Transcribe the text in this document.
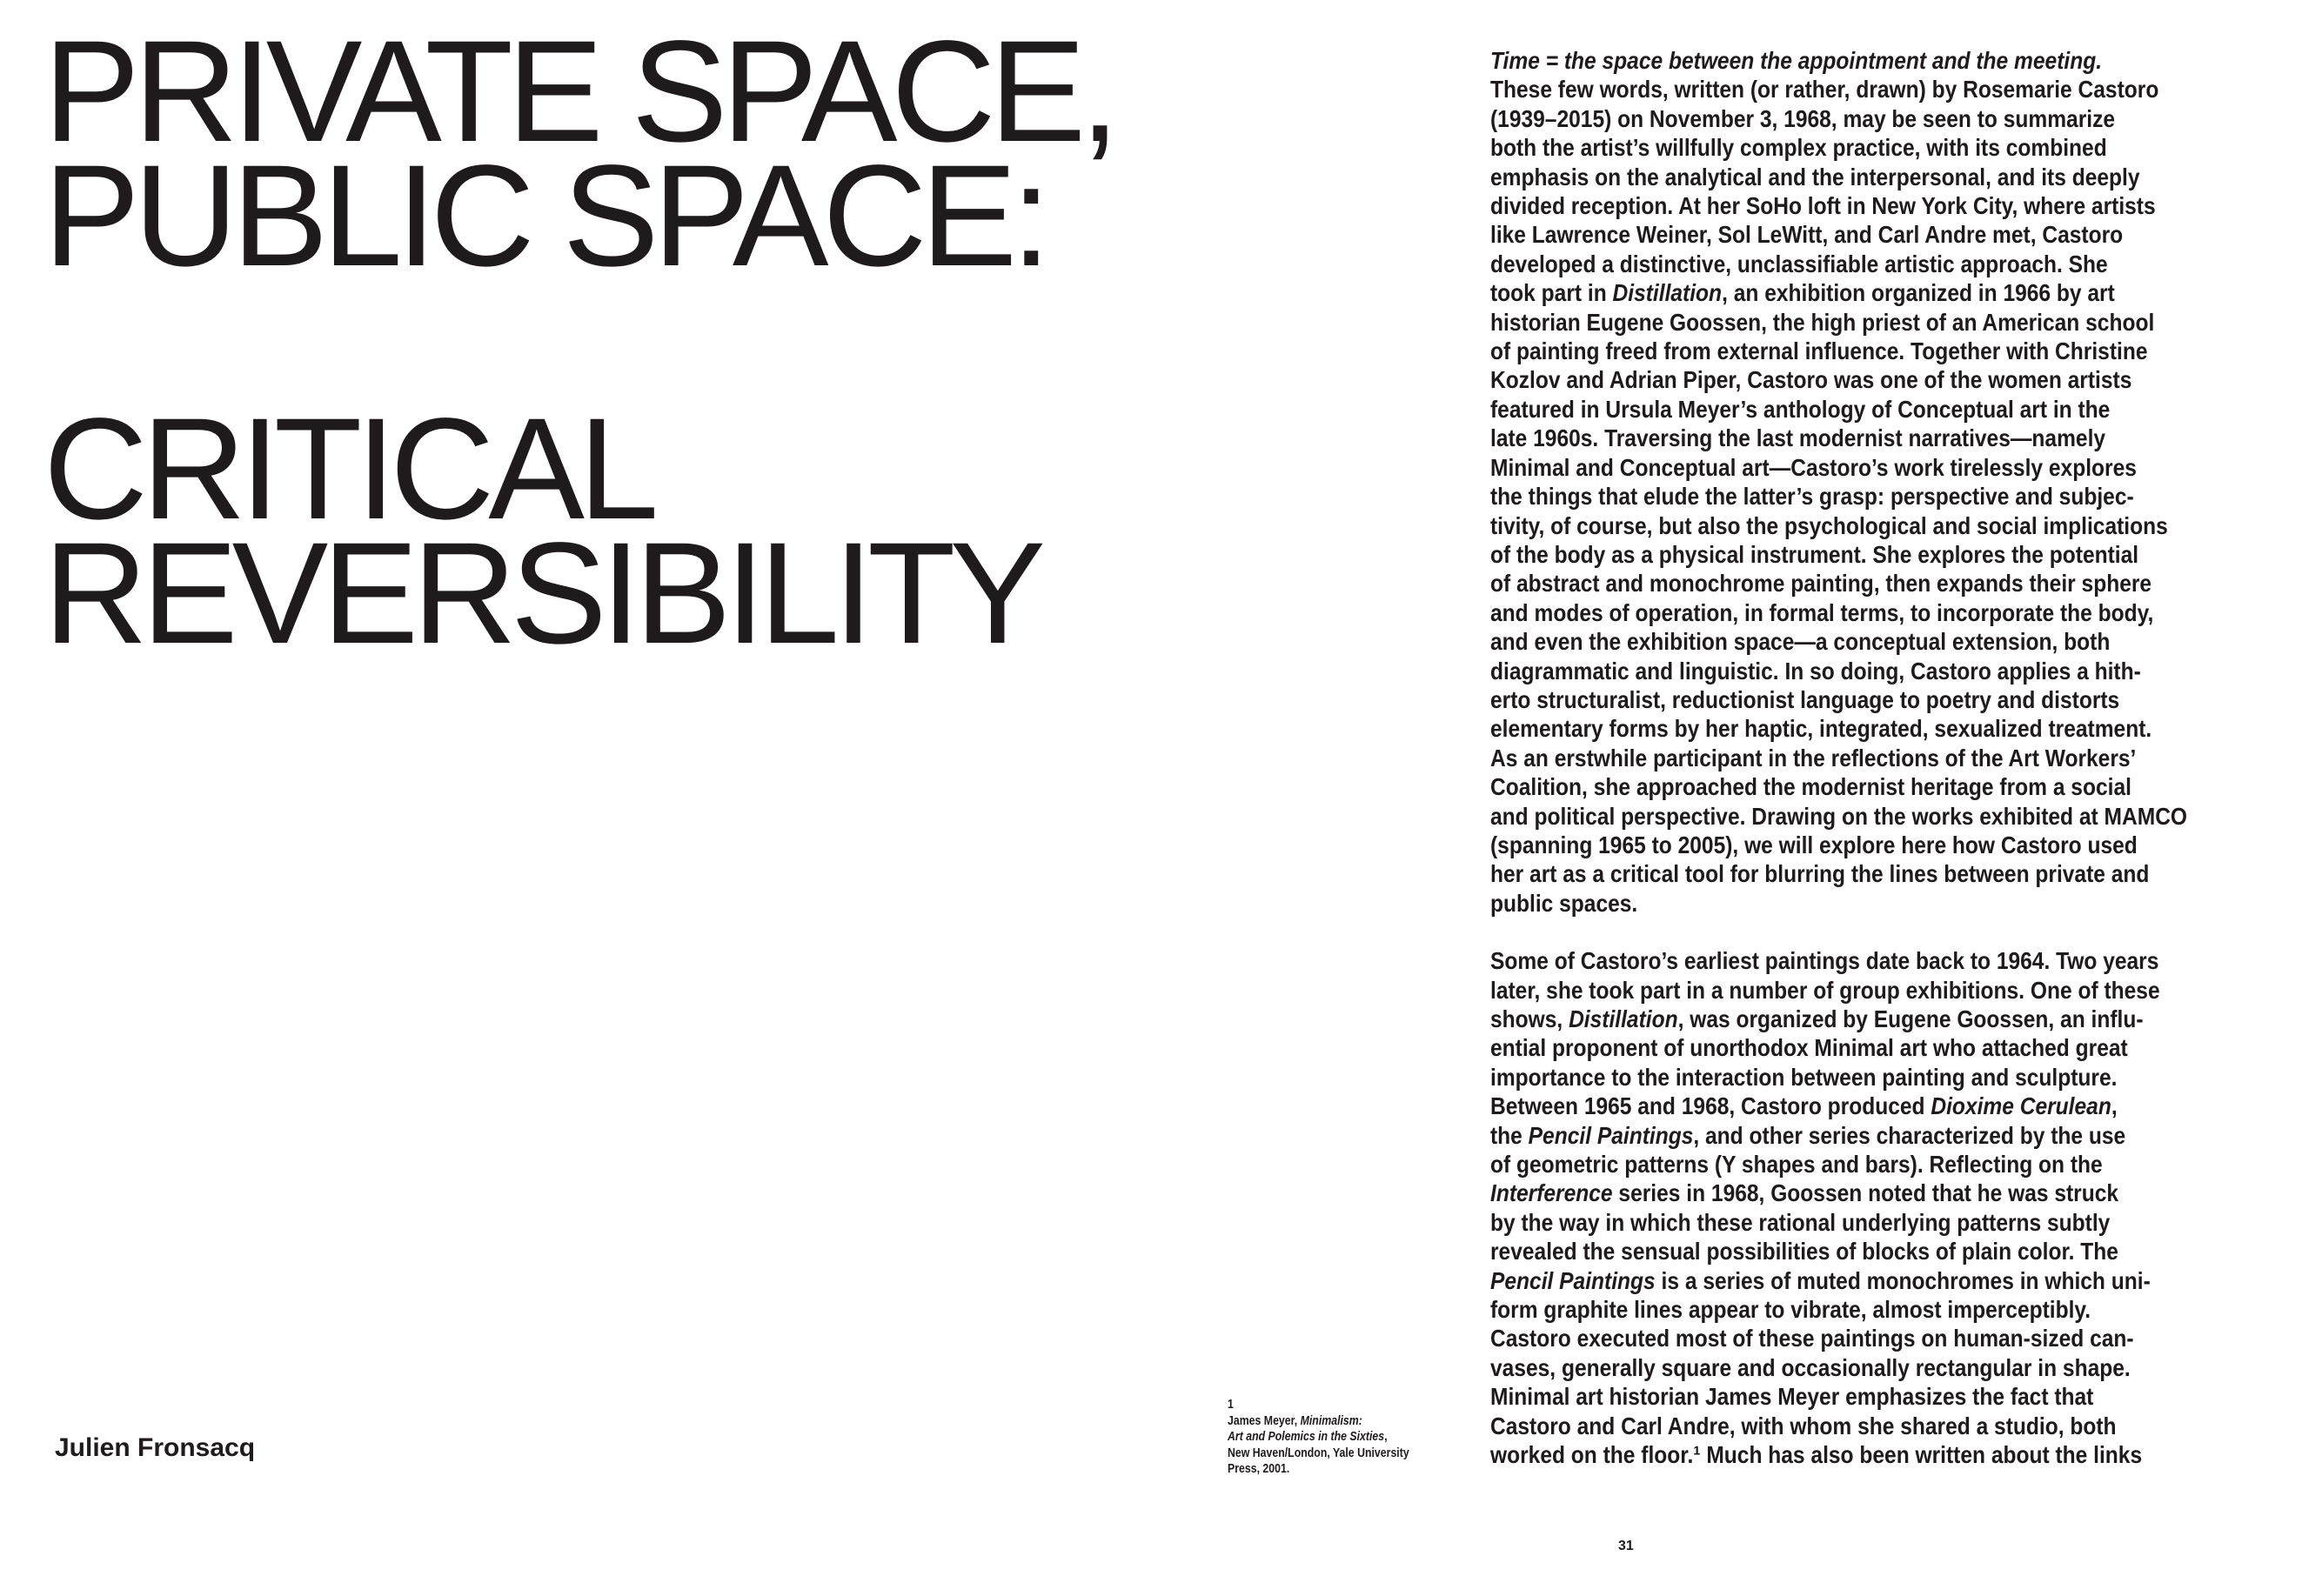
PRIVATE SPACE,
PUBLIC SPACE:
CRITICAL
REVERSIBILITY
Julien Fronsacq

Time = the space between the appointment and the meeting.
These few words, written (or rather, drawn) by Rosemarie Castoro
(1939–2015) on November 3, 1968, may be seen to summarize
both the artist’s willfully complex practice, with its combined
emphasis on the analytical and the interpersonal, and its deeply
divided reception. At her SoHo loft in New York City, where artists
like Lawrence Weiner, Sol LeWitt, and Carl Andre met, Castoro
developed a distinctive, unclassifiable artistic approach. She
took part in Distillation, an exhibition organized in 1966 by art
historian Eugene Goossen, the high priest of an American school
of painting freed from external influence. Together with Christine
Kozlov and Adrian Piper, Castoro was one of the women artists
featured in Ursula Meyer’s anthology of Conceptual art in the
late 1960s. Traversing the last modernist narratives—namely
Minimal and Conceptual art—Castoro’s work tirelessly explores
the things that elude the latter’s grasp: perspective and subjec-
tivity, of course, but also the psychological and social implications
of the body as a physical instrument. She explores the potential
of abstract and monochrome painting, then expands their sphere
and modes of operation, in formal terms, to incorporate the body,
and even the exhibition space—a conceptual extension, both
diagrammatic and linguistic. In so doing, Castoro applies a hith-
erto structuralist, reductionist language to poetry and distorts
elementary forms by her haptic, integrated, sexualized treatment.
As an erstwhile participant in the reflections of the Art Workers’
Coalition, she approached the modernist heritage from a social
and political perspective. Drawing on the works exhibited at MAMCO
(spanning 1965 to 2005), we will explore here how Castoro used
her art as a critical tool for blurring the lines between private and
public spaces.

Some of Castoro’s earliest paintings date back to 1964. Two years
later, she took part in a number of group exhibitions. One of these
shows, Distillation, was organized by Eugene Goossen, an influ-
ential proponent of unorthodox Minimal art who attached great
importance to the interaction between painting and sculpture.
Between 1965 and 1968, Castoro produced Dioxime Cerulean,
the Pencil Paintings, and other series characterized by the use
of geometric patterns (Y shapes and bars). Reflecting on the
Interference series in 1968, Goossen noted that he was struck
by the way in which these rational underlying patterns subtly
revealed the sensual possibilities of blocks of plain color. The
Pencil Paintings is a series of muted monochromes in which uni-
form graphite lines appear to vibrate, almost imperceptibly.
Castoro executed most of these paintings on human-sized can-
vases, generally square and occasionally rectangular in shape.
Minimal art historian James Meyer emphasizes the fact that
Castoro and Carl Andre, with whom she shared a studio, both
worked on the floor.¹ Much has also been written about the links

1
James Meyer, Minimalism:
Art and Polemics in the Sixties,
New Haven/London, Yale University
Press, 2001.
31
